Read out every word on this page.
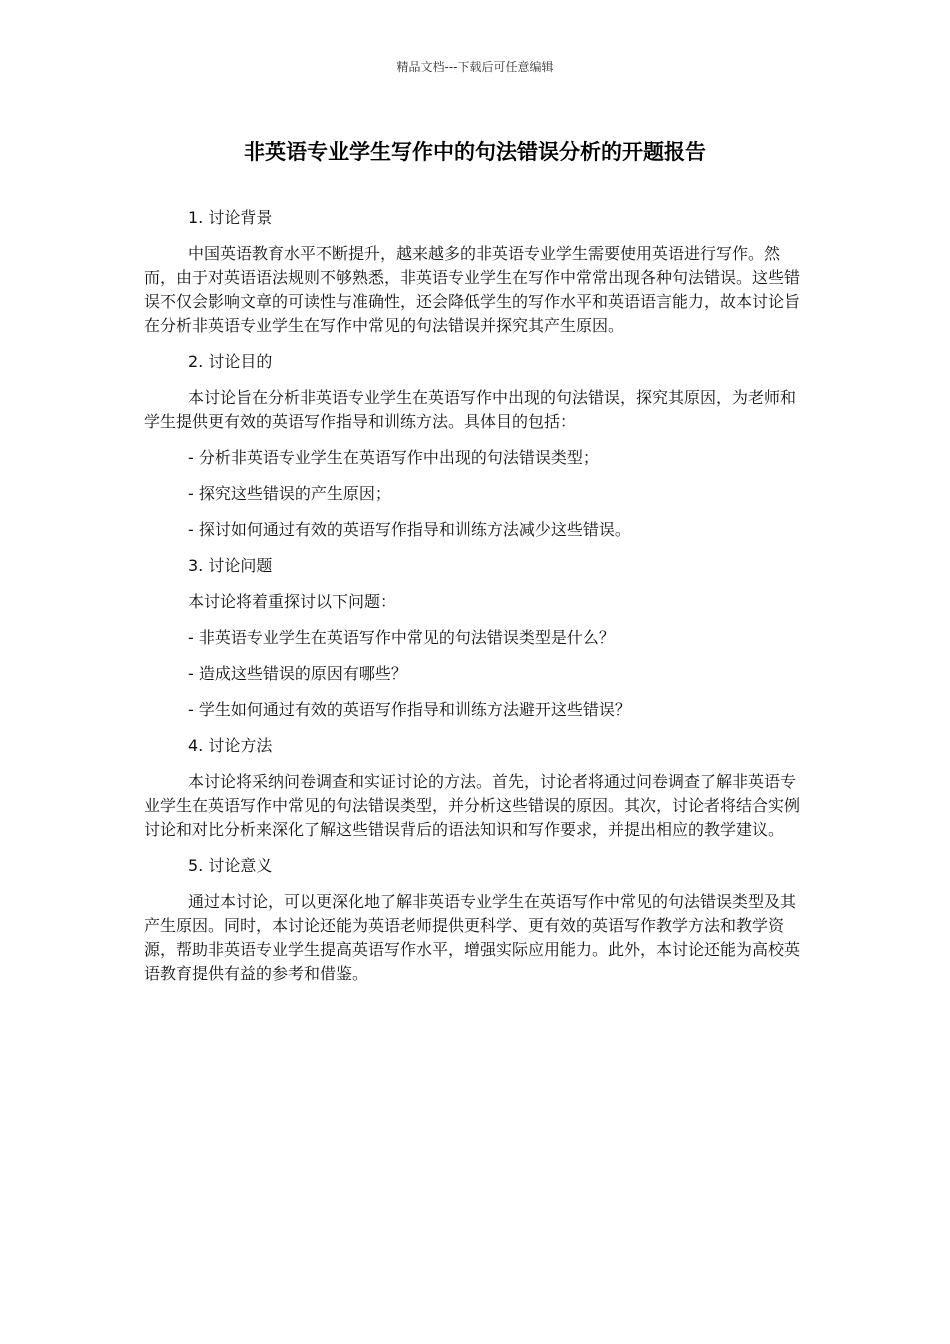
精品文档---下载后可任意编辑
非英语专业学生写作中的句法错误分析的开题报告

1. 讨论背景

中国英语教育水平不断提升，越来越多的非英语专业学生需要使用英语进行写作。然而，由于对英语语法规则不够熟悉，非英语专业学生在写作中常常出现各种句法错误。这些错误不仅会影响文章的可读性与准确性，还会降低学生的写作水平和英语语言能力，故本讨论旨在分析非英语专业学生在写作中常见的句法错误并探究其产生原因。

2. 讨论目的

本讨论旨在分析非英语专业学生在英语写作中出现的句法错误，探究其原因，为老师和学生提供更有效的英语写作指导和训练方法。具体目的包括：

- 分析非英语专业学生在英语写作中出现的句法错误类型；

- 探究这些错误的产生原因；

- 探讨如何通过有效的英语写作指导和训练方法减少这些错误。

3. 讨论问题

本讨论将着重探讨以下问题：

- 非英语专业学生在英语写作中常见的句法错误类型是什么？

- 造成这些错误的原因有哪些？

- 学生如何通过有效的英语写作指导和训练方法避开这些错误？

4. 讨论方法

本讨论将采纳问卷调查和实证讨论的方法。首先，讨论者将通过问卷调查了解非英语专业学生在英语写作中常见的句法错误类型，并分析这些错误的原因。其次，讨论者将结合实例讨论和对比分析来深化了解这些错误背后的语法知识和写作要求，并提出相应的教学建议。

5. 讨论意义

通过本讨论，可以更深化地了解非英语专业学生在英语写作中常见的句法错误类型及其产生原因。同时，本讨论还能为英语老师提供更科学、更有效的英语写作教学方法和教学资源，帮助非英语专业学生提高英语写作水平，增强实际应用能力。此外，本讨论还能为高校英语教育提供有益的参考和借鉴。
